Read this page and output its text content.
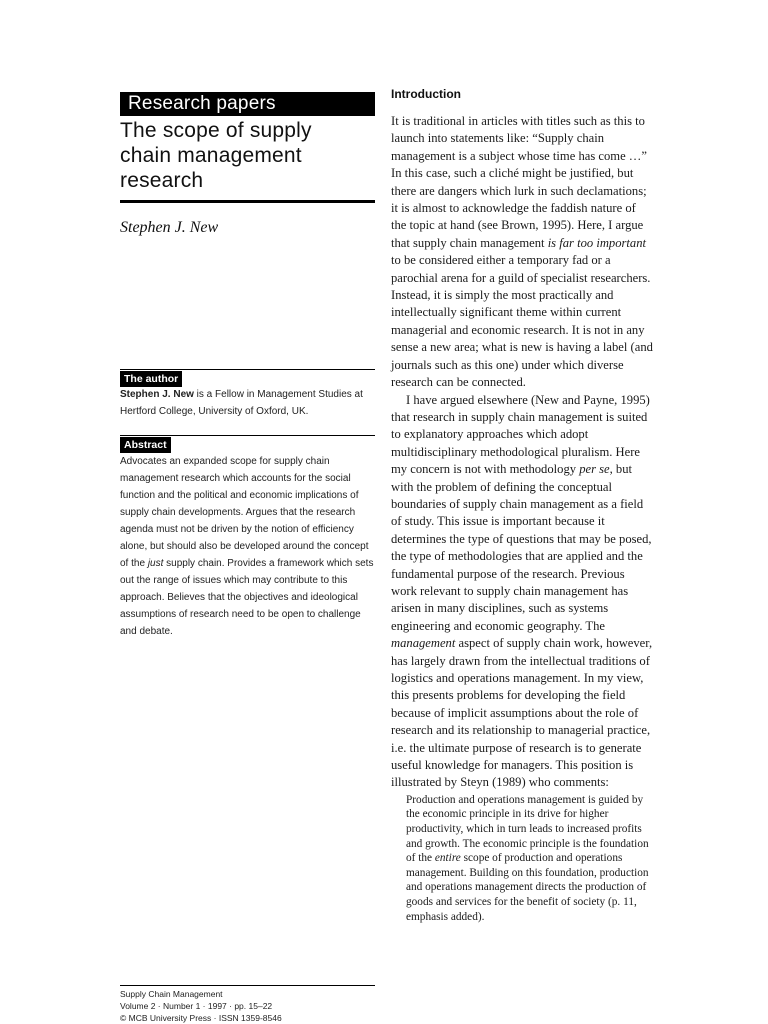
Research papers
The scope of supply
chain management
research
Stephen J. New
The author
Stephen J. New is a Fellow in Management Studies at Hertford College, University of Oxford, UK.
Abstract
Advocates an expanded scope for supply chain management research which accounts for the social function and the political and economic implications of supply chain developments. Argues that the research agenda must not be driven by the notion of efficiency alone, but should also be developed around the concept of the just supply chain. Provides a framework which sets out the range of issues which may contribute to this approach. Believes that the objectives and ideological assumptions of research need to be open to challenge and debate.
Supply Chain Management
Volume 2 · Number 1 · 1997 · pp. 15–22
© MCB University Press · ISSN 1359-8546
Introduction

It is traditional in articles with titles such as this to launch into statements like: “Supply chain management is a subject whose time has come …” In this case, such a cliché might be justified, but there are dangers which lurk in such declamations; it is almost to acknowledge the faddish nature of the topic at hand (see Brown, 1995). Here, I argue that supply chain management is far too important to be considered either a temporary fad or a parochial arena for a guild of specialist researchers. Instead, it is simply the most practically and intellectually significant theme within current managerial and economic research. It is not in any sense a new area; what is new is having a label (and journals such as this one) under which diverse research can be connected.

I have argued elsewhere (New and Payne, 1995) that research in supply chain management is suited to explanatory approaches which adopt multidisciplinary methodological pluralism. Here my concern is not with methodology per se, but with the problem of defining the conceptual boundaries of supply chain management as a field of study. This issue is important because it determines the type of questions that may be posed, the type of methodologies that are applied and the fundamental purpose of the research. Previous work relevant to supply chain management has arisen in many disciplines, such as systems engineering and economic geography. The management aspect of supply chain work, however, has largely drawn from the intellectual traditions of logistics and operations management. In my view, this presents problems for developing the field because of implicit assumptions about the role of research and its relationship to managerial practice, i.e. the ultimate purpose of research is to generate useful knowledge for managers. This position is illustrated by Steyn (1989) who comments:

Production and operations management is guided by the economic principle in its drive for higher productivity, which in turn leads to increased profits and growth. The economic principle is the foundation of the entire scope of production and operations management. Building on this foundation, production and operations management directs the production of goods and services for the benefit of society (p. 11, emphasis added).
